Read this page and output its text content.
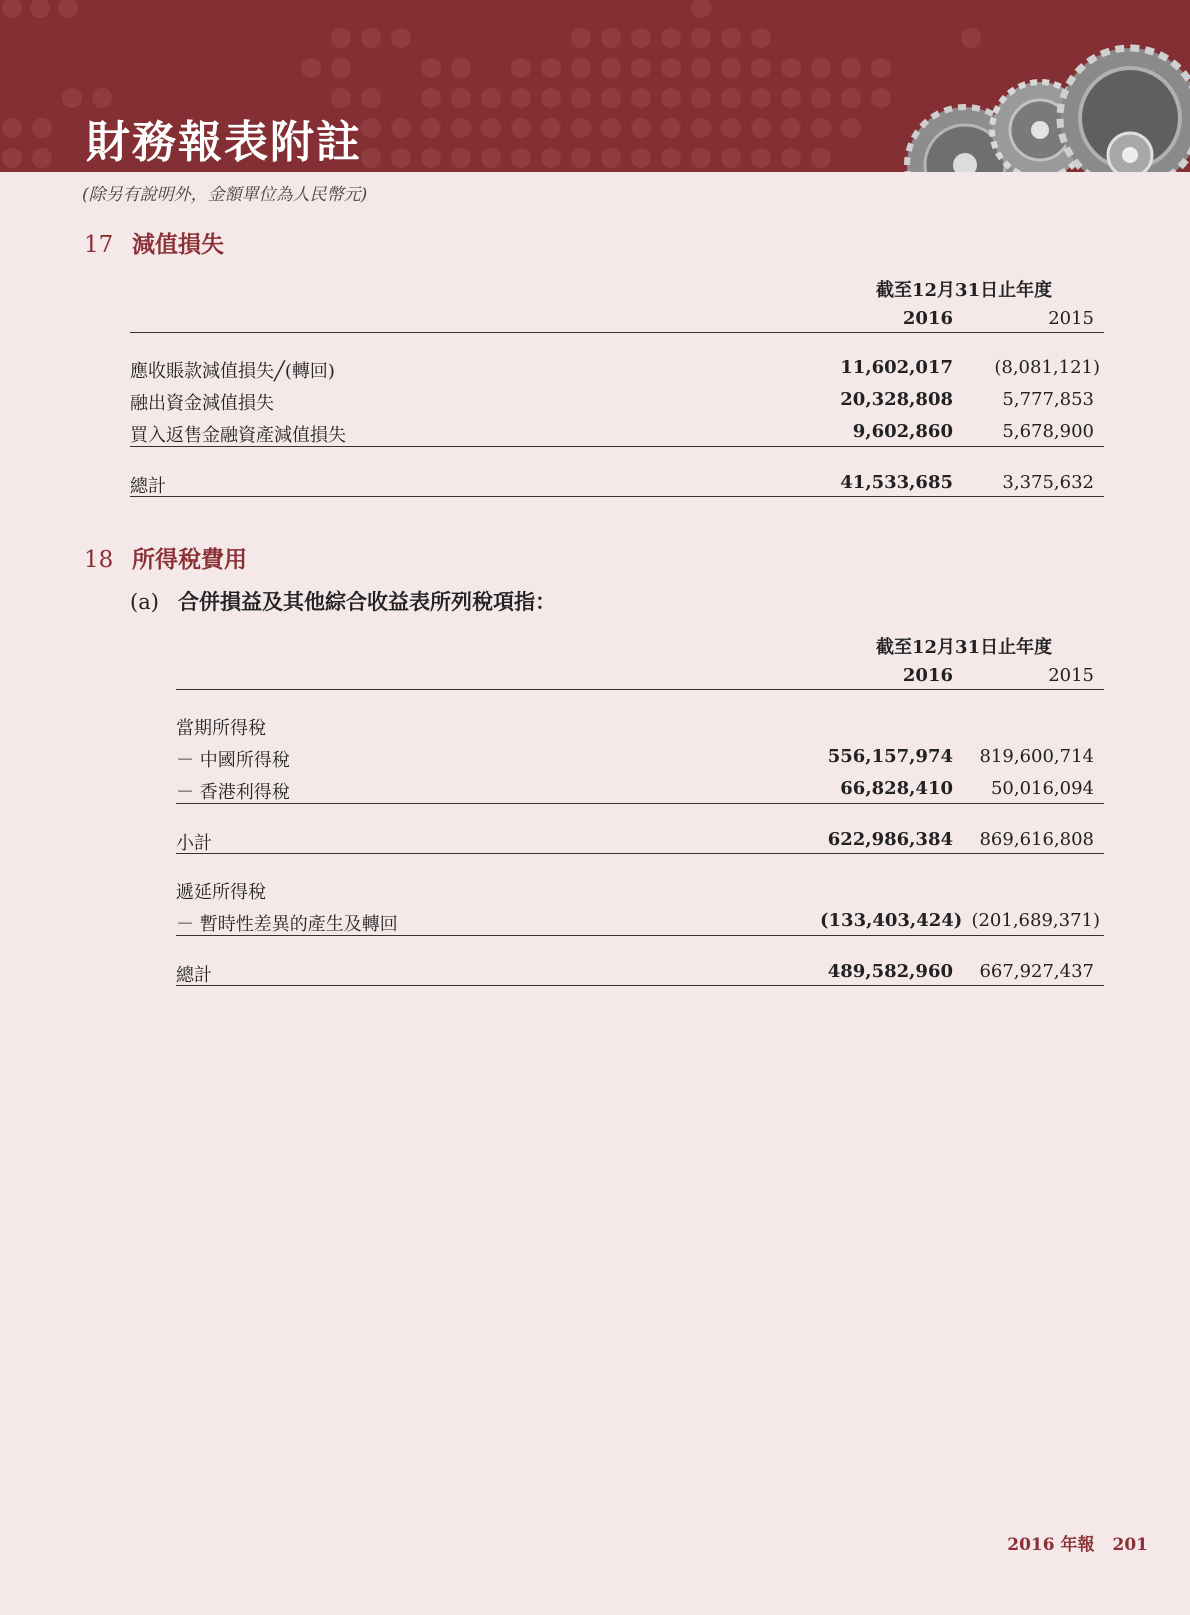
財務報表附註
(除另有說明外，金額單位為人民幣元)
17 減值損失
截至12月31日止年度
2016	2015
應收賬款減值損失╱(轉回)	11,602,017	(8,081,121)
融出資金減值損失	20,328,808	5,777,853
買入返售金融資產減值損失	9,602,860	5,678,900
總計	41,533,685	3,375,632
18 所得稅費用
(a) 合併損益及其他綜合收益表所列稅項指：
截至12月31日止年度
2016	2015
當期所得稅
－ 中國所得稅	556,157,974	819,600,714
－ 香港利得稅	66,828,410	50,016,094
小計	622,986,384	869,616,808
遞延所得稅
－ 暫時性差異的產生及轉回	(133,403,424) (201,689,371)
總計	489,582,960	667,927,437
2016 年報 201
